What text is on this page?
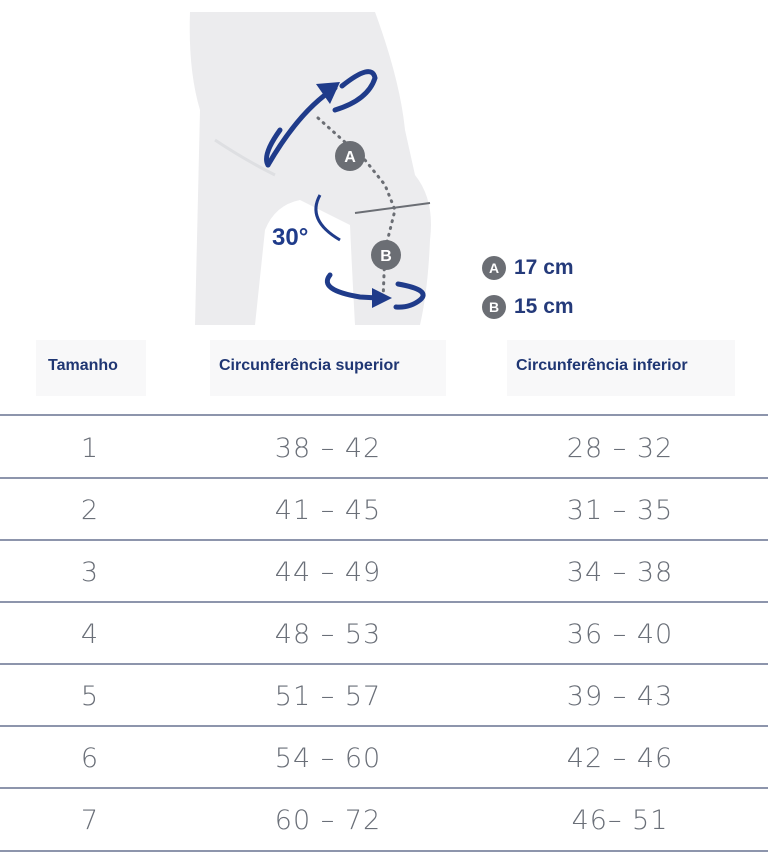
30°
A
B
A 17 cm
B 15 cm
Tamanho	Circunferência superior	Circunferência inferior
1	38 – 42	28 – 32
2	41 – 45	31 – 35
3	44 – 49	34 – 38
4	48 – 53	36 – 40
5	51 – 57	39 – 43
6	54 – 60	42 – 46
7	60 – 72	46– 51
